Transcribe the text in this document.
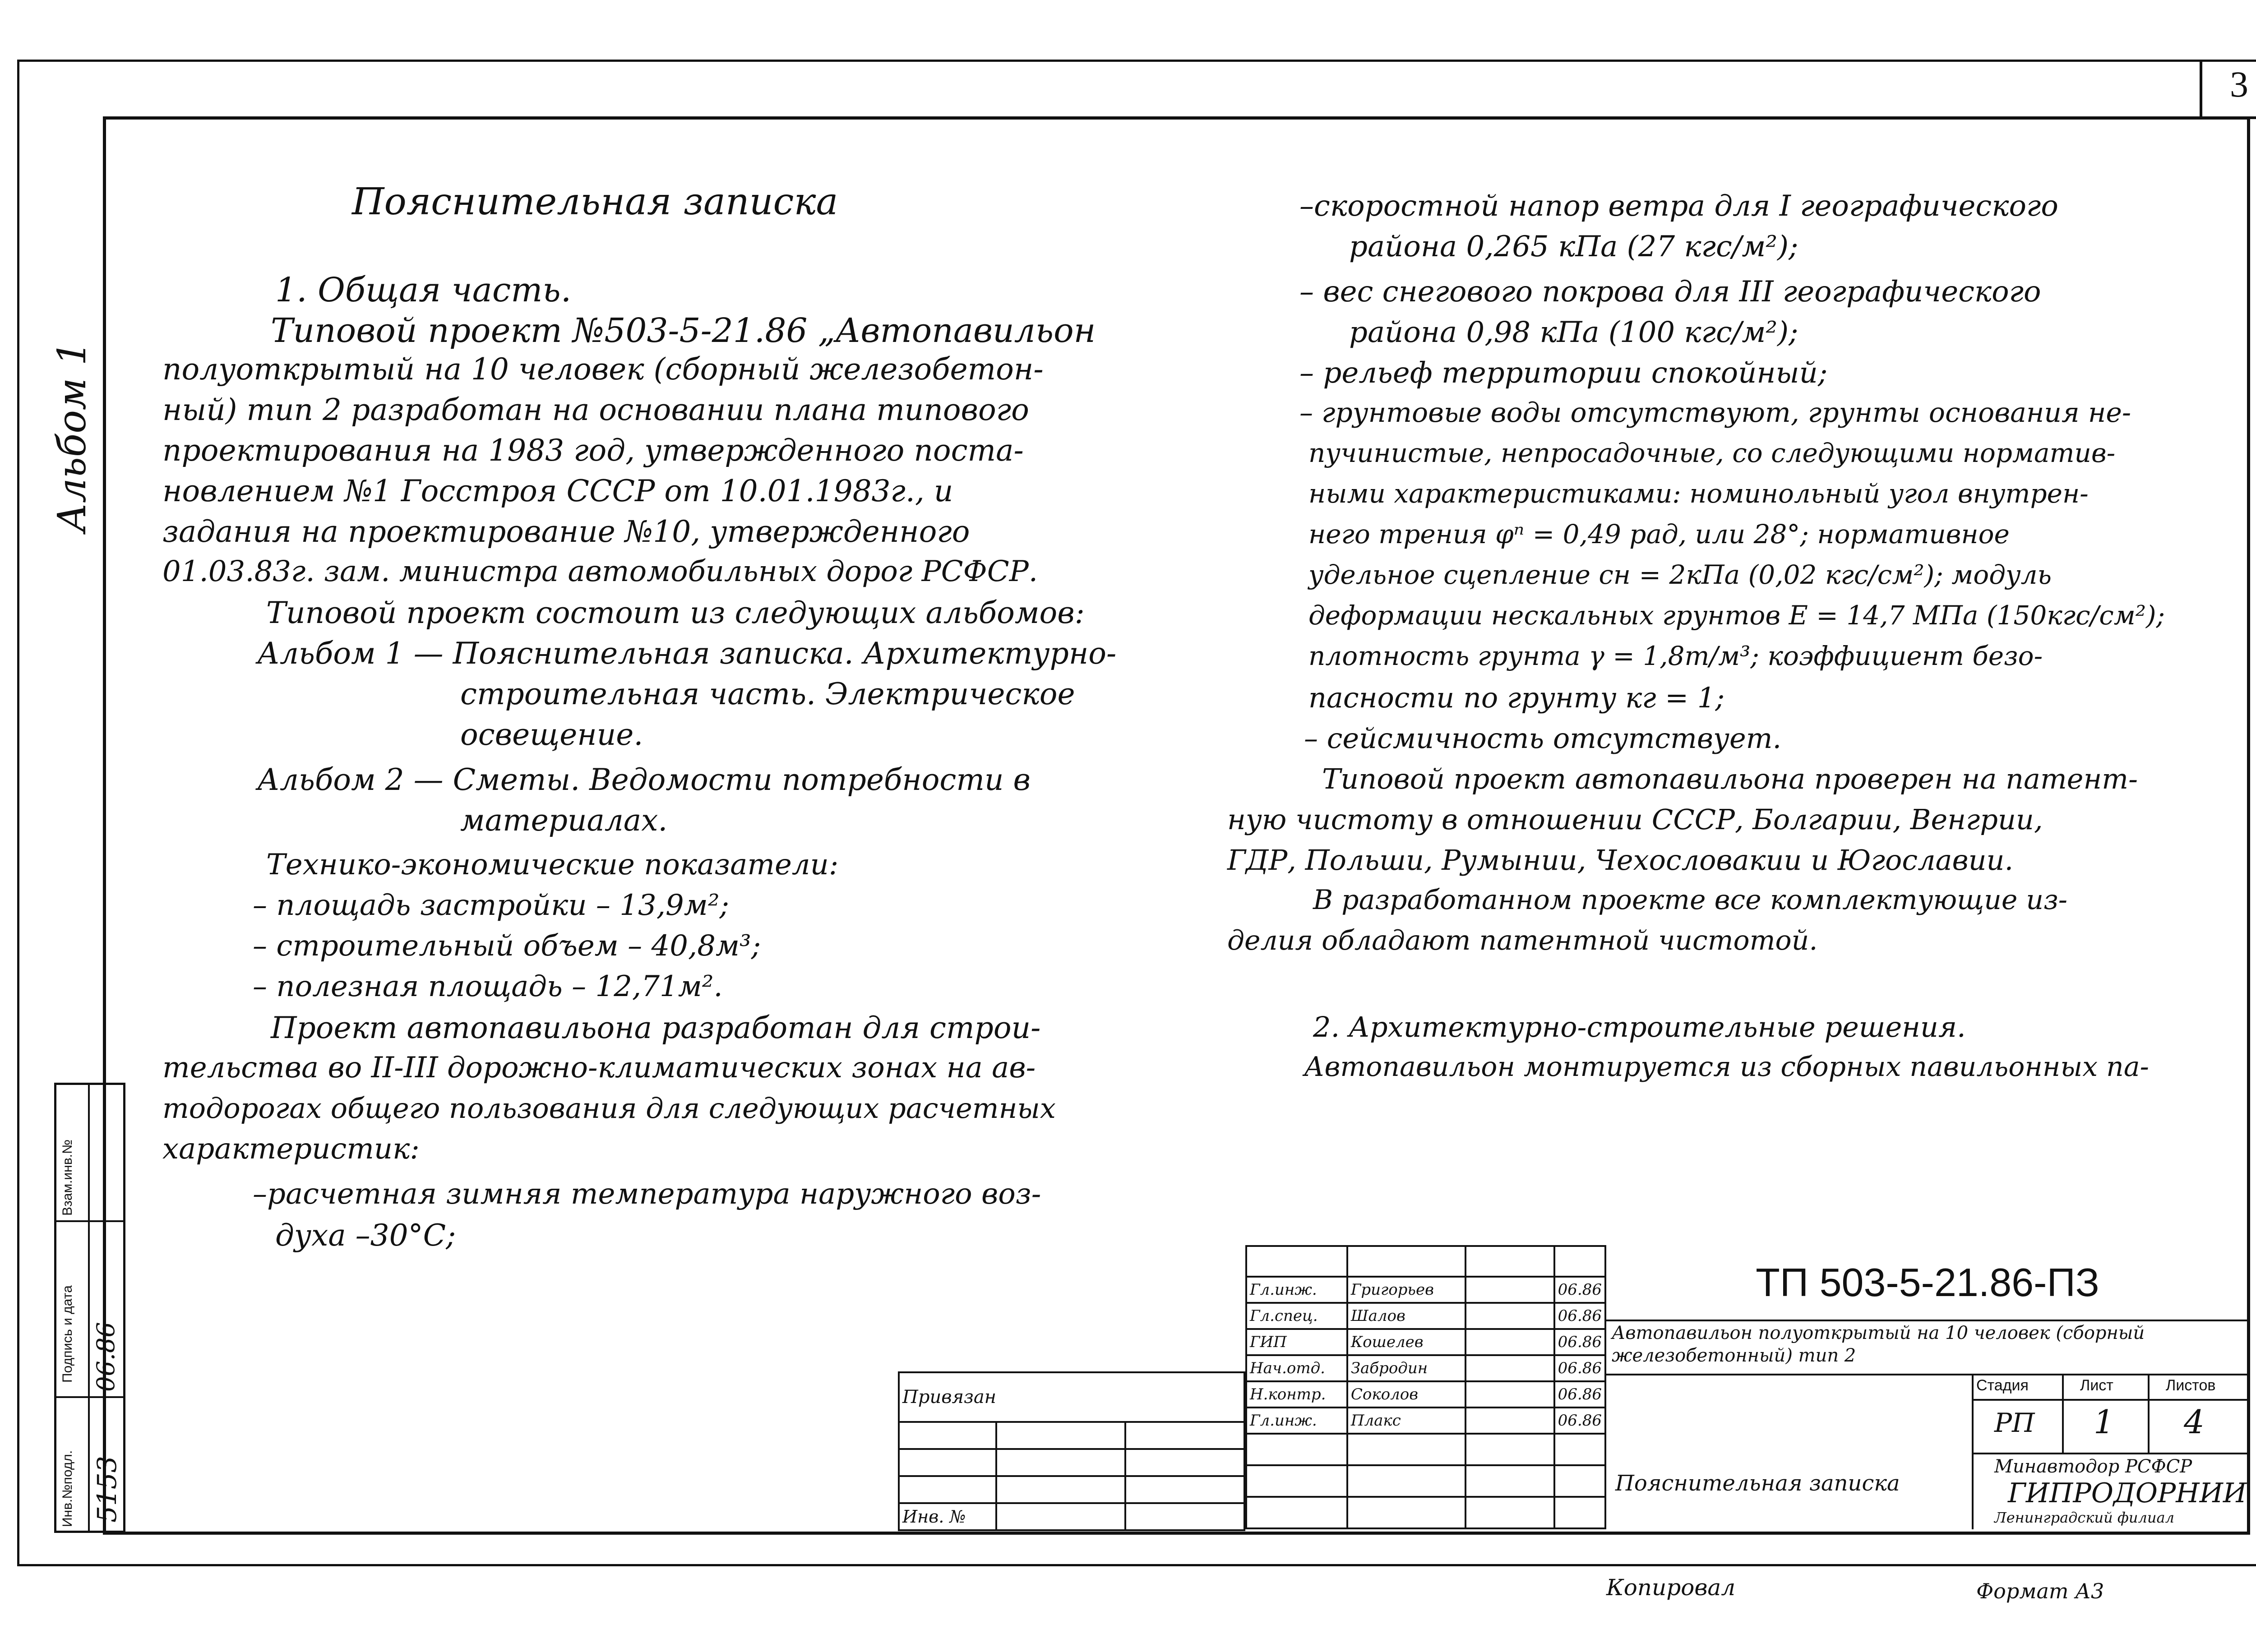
3
Альбом 1
Инв.№подл.
Подпись и дата
Взам.инв.№
5153
06.86
Пояснительная записка
1. Общая часть.
Типовой проект №503-5-21.86 „Автопавильон
полуоткрытый на 10 человек (сборный железобетон-
ный) тип 2 разработан на основании плана типового
проектирования на 1983 год, утвержденного поста-
новлением №1 Госстроя СССР от 10.01.1983г., и
задания на проектирование №10, утвержденного
01.03.83г. зам. министра автомобильных дорог РСФСР.
Типовой проект состоит из следующих альбомов:
Альбом 1 — Пояснительная записка. Архитектурно-
строительная часть. Электрическое
освещение.
Альбом 2 — Сметы. Ведомости потребности в
материалах.
Технико-экономические показатели:
– площадь застройки – 13,9м²;
– строительный объем – 40,8м³;
– полезная площадь – 12,71м².
Проект автопавильона разработан для строи-
тельства во II-III дорожно-климатических зонах на ав-
тодорогах общего пользования для следующих расчетных
характеристик:
–расчетная зимняя температура наружного воз-
духа –30°С;
–скоростной напор ветра для I географического
района 0,265 кПа (27 кгс/м²);
– вес снегового покрова для III географического
района 0,98 кПа (100 кгс/м²);
– рельеф территории спокойный;
– грунтовые воды отсутствуют, грунты основания не-
пучинистые, непросадочные, со следующими норматив-
ными характеристиками: номинольный угол внутрен-
него трения φⁿ = 0,49 рад, или 28°; нормативное
удельное сцепление сн = 2кПа (0,02 кгс/см²); модуль
деформации нескальных грунтов Е = 14,7 МПа (150кгс/см²);
плотность грунта γ = 1,8т/м³; коэффициент безо-
пасности по грунту кг = 1;
– сейсмичность отсутствует.
Типовой проект автопавильона проверен на патент-
ную чистоту в отношении СССР, Болгарии, Венгрии,
ГДР, Польши, Румынии, Чехословакии и Югославии.
В разработанном проекте все комплектующие из-
делия обладают патентной чистотой.
2. Архитектурно-строительные решения.
Автопавильон монтируется из сборных павильонных па-
Привязан		

Инв. №		

Гл.инж.	Григорьев		06.86
Гл.спец.	Шалов		06.86
ГИП	Кошелев		06.86
Нач.отд.	Забродин		06.86
Н.контр.	Соколов		06.86
Гл.инж.	Плакс		06.86

ТП 503-5-21.86-ПЗ
Автопавильон полуоткрытый на 10 человек (сборный железобетонный) тип 2
Стадия	Лист	Листов
РП 1 4
Пояснительная записка
Минавтодор РСФСР
ГИПРОДОРНИИ
Ленинградский филиал
Копировал	Формат А3
